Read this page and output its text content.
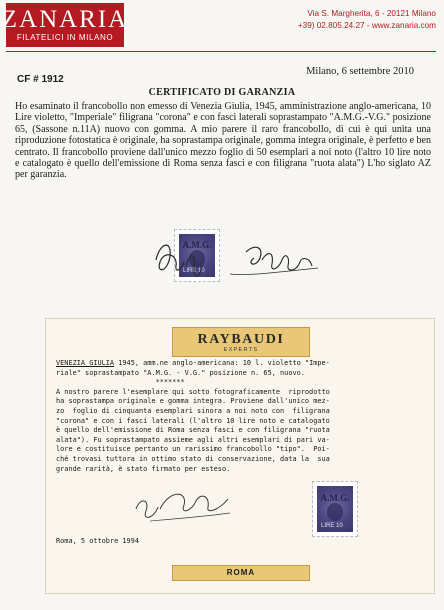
ZANARIA
FILATELICI IN MILANO
Via S. Margherita, 6 - 20121 Milano
+39) 02.805.24.27 - www.zanaria.com
CF # 1912
Milano, 6 settembre 2010
CERTIFICATO DI GARANZIA

Ho esaminato il francobollo non emesso di Venezia Giulia, 1945, amministrazione anglo-americana, 10 Lire violetto, "Imperiale" filigrana "corona" e con fasci laterali soprastampato "A.M.G.-V.G." posizione 65, (Sassone n.11A) nuovo con gomma. A mio parere il raro francobollo, di cui è qui unita una riproduzione fotostatica è originale, ha soprastampa originale, gomma integra originale, è perfetto e ben centrato. Il francobollo proviene dall'unico mezzo foglio di 50 esemplari a noi noto (l'altro 10 lire noto e catalogato è quello dell'emissione di Roma senza fasci e con filigrana "ruota alata") L'ho siglato AZ per garanzia.

A.M.G.
LIRE 10
RAYBAUDI
EXPERTS
VENEZIA GIULIA 1945, amm.ne anglo-americana: 10 l. violetto "Impe-
riale" soprastampato "A.M.G. - V.G." posizione n. 65, nuovo.
*******
A nostro parere l'esemplare qui sotto fotograficamente  riprodotto
ha soprastampa originale e gomma integra. Proviene dall'unico mez-
zo  foglio di cinquanta esemplari sinora a noi noto con  filigrana
"corona" e con i fasci laterali (l'altro 10 lire noto e catalogato
è quello dell'emissione di Roma senza fasci e con filigrana "ruota
alata"). Fu soprastampato assieme agli altri esemplari di pari va-
lore e costituisce pertanto un rarissimo francobollo "tipo".  Poi-
ché trovasi tuttora in ottimo stato di conservazione, data la  sua
grande rarità, è stato firmato per esteso.
Roma, 5 ottobre 1994
A.M.G.
LIRE 10
ROMA
